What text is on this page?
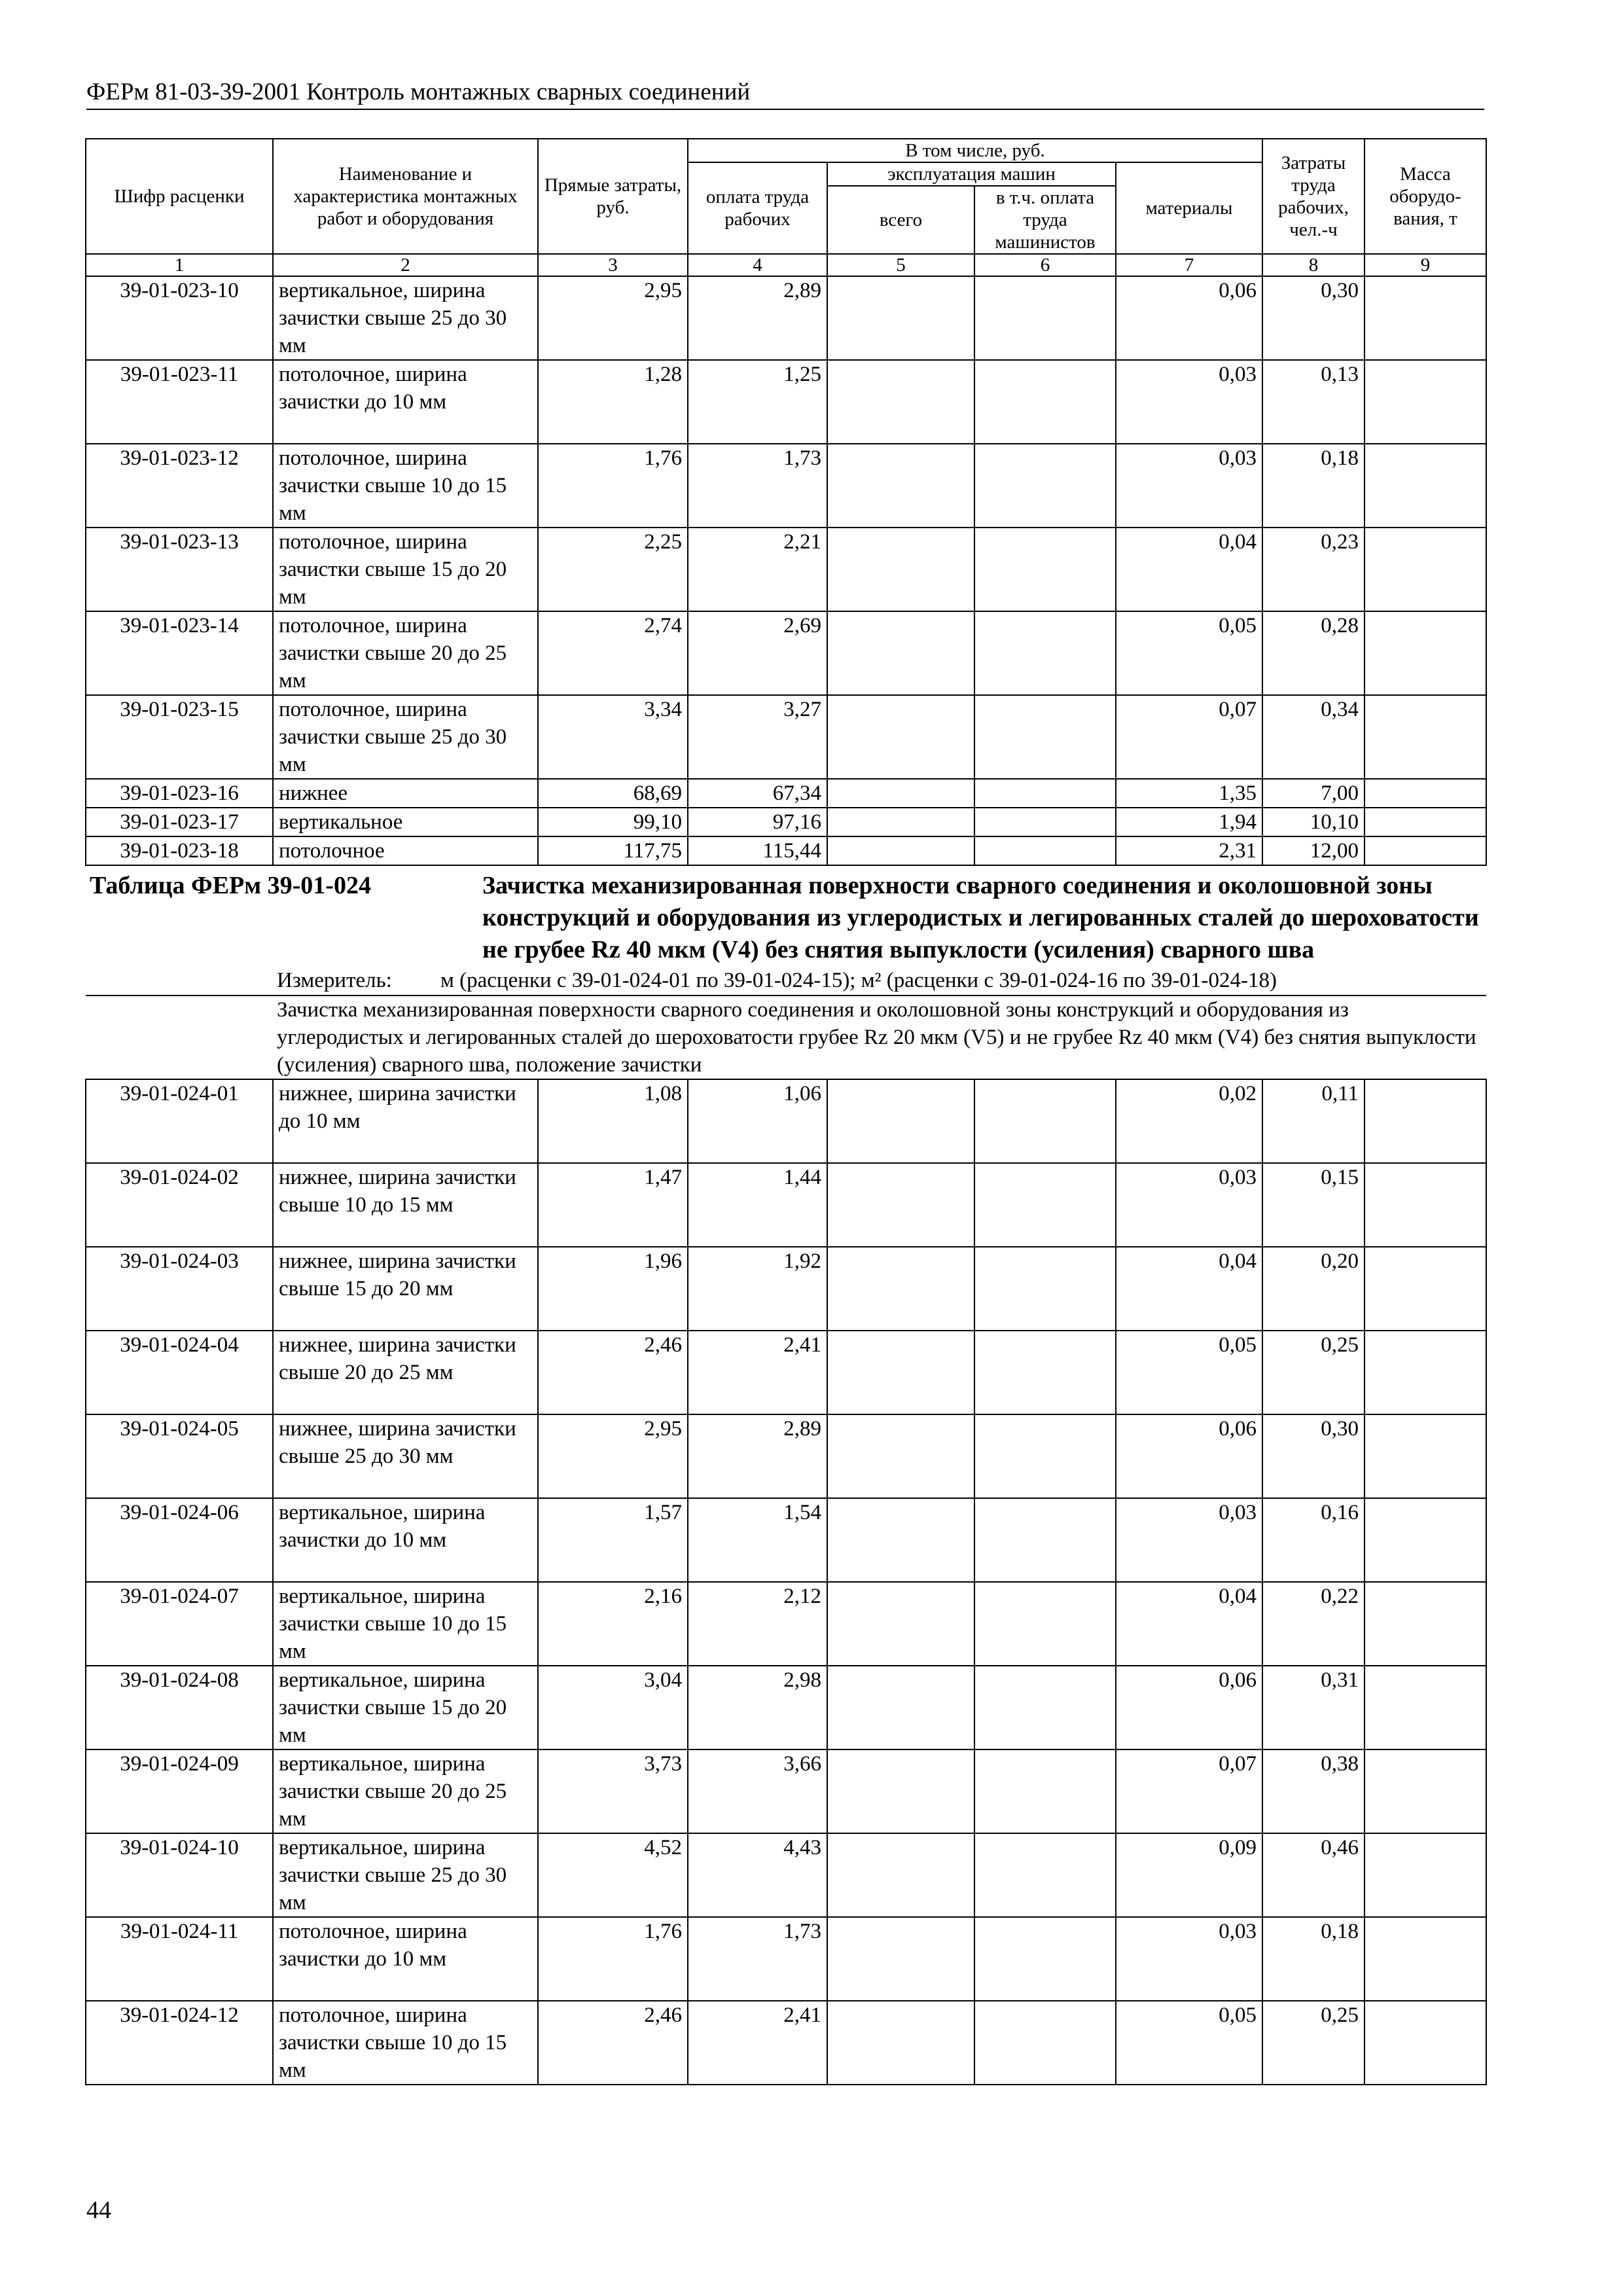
ФЕРм 81-03-39-2001 Контроль монтажных сварных соединений
Шифр расценки	Наименование и характеристика монтажных работ и оборудования	Прямые затраты, руб.	В том числе, руб.				Затраты труда рабочих, чел.-ч	Масса оборудо-вания, т
			оплата труда рабочих	эксплуатация машин		материалы		
				всего	в т.ч. оплата труда машинистов			
1	2	3	4	5	6	7	8	9
39-01-023-10	вертикальное, ширина зачистки свыше 25 до 30 мм	2,95	2,89			0,06	0,30	
39-01-023-11	потолочное, ширина зачистки до 10 мм	1,28	1,25			0,03	0,13	
39-01-023-12	потолочное, ширина зачистки свыше 10 до 15 мм	1,76	1,73			0,03	0,18	
39-01-023-13	потолочное, ширина зачистки свыше 15 до 20 мм	2,25	2,21			0,04	0,23	
39-01-023-14	потолочное, ширина зачистки свыше 20 до 25 мм	2,74	2,69			0,05	0,28	
39-01-023-15	потолочное, ширина зачистки свыше 25 до 30 мм	3,34	3,27			0,07	0,34	
39-01-023-16	нижнее	68,69	67,34			1,35	7,00	
39-01-023-17	вертикальное	99,10	97,16			1,94	10,10	
39-01-023-18	потолочное	117,75	115,44			2,31	12,00	

Таблица ФЕРм 39-01-024 Зачистка механизированная поверхности сварного соединения и околошовной зоны конструкций и оборудования из углеродистых и легированных сталей до шероховатости не грубее Rz 40 мкм (V4) без снятия выпуклости (усиления) сварного шва
Измеритель: м (расценки с 39-01-024-01 по 39-01-024-15); м² (расценки с 39-01-024-16 по 39-01-024-18)								

Зачистка механизированная поверхности сварного соединения и околошовной зоны конструкций и оборудования из углеродистых и легированных сталей до шероховатости грубее Rz 20 мкм (V5) и не грубее Rz 40 мкм (V4) без снятия выпуклости (усиления) сварного шва, положение зачистки								

39-01-024-01	нижнее, ширина зачистки до 10 мм	1,08	1,06			0,02	0,11	
39-01-024-02	нижнее, ширина зачистки свыше 10 до 15 мм	1,47	1,44			0,03	0,15	
39-01-024-03	нижнее, ширина зачистки свыше 15 до 20 мм	1,96	1,92			0,04	0,20	
39-01-024-04	нижнее, ширина зачистки свыше 20 до 25 мм	2,46	2,41			0,05	0,25	
39-01-024-05	нижнее, ширина зачистки свыше 25 до 30 мм	2,95	2,89			0,06	0,30	
39-01-024-06	вертикальное, ширина зачистки до 10 мм	1,57	1,54			0,03	0,16	
39-01-024-07	вертикальное, ширина зачистки свыше 10 до 15 мм	2,16	2,12			0,04	0,22	
39-01-024-08	вертикальное, ширина зачистки свыше 15 до 20 мм	3,04	2,98			0,06	0,31	
39-01-024-09	вертикальное, ширина зачистки свыше 20 до 25 мм	3,73	3,66			0,07	0,38	
39-01-024-10	вертикальное, ширина зачистки свыше 25 до 30 мм	4,52	4,43			0,09	0,46	
39-01-024-11	потолочное, ширина зачистки до 10 мм	1,76	1,73			0,03	0,18	
39-01-024-12	потолочное, ширина зачистки свыше 10 до 15 мм	2,46	2,41			0,05	0,25	
44
